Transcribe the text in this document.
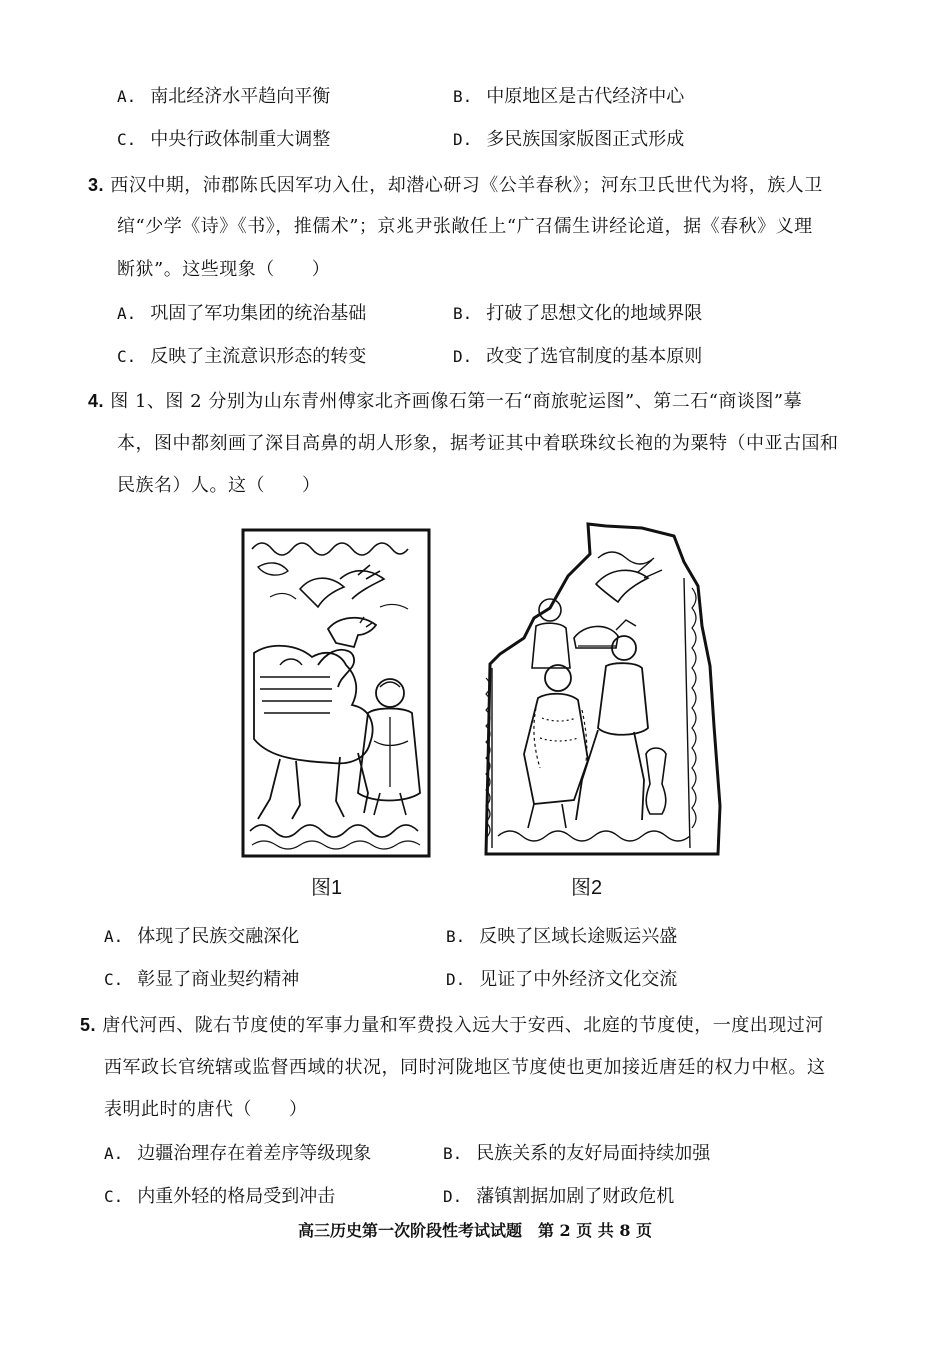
A. 南北经济水平趋向平衡	B. 中原地区是古代经济中心
C. 中央行政体制重大调整	D. 多民族国家版图正式形成
3. 西汉中期，沛郡陈氏因军功入仕，却潜心研习《公羊春秋》；河东卫氏世代为将，族人卫
绾“少学《诗》《书》，推儒术”；京兆尹张敞任上“广召儒生讲经论道，据《春秋》义理
断狱”。这些现象（　　）
A. 巩固了军功集团的统治基础	B. 打破了思想文化的地域界限
C. 反映了主流意识形态的转变	D. 改变了选官制度的基本原则
4. 图 1、图 2 分别为山东青州傅家北齐画像石第一石“商旅驼运图”、第二石“商谈图”摹
本，图中都刻画了深目高鼻的胡人形象，据考证其中着联珠纹长袍的为粟特（中亚古国和
民族名）人。这（　　）
图1	图2
A. 体现了民族交融深化	B. 反映了区域长途贩运兴盛
C. 彰显了商业契约精神	D. 见证了中外经济文化交流
5. 唐代河西、陇右节度使的军事力量和军费投入远大于安西、北庭的节度使，一度出现过河
西军政长官统辖或监督西域的状况，同时河陇地区节度使也更加接近唐廷的权力中枢。这
表明此时的唐代（　　）
A. 边疆治理存在着差序等级现象	B. 民族关系的友好局面持续加强
C. 内重外轻的格局受到冲击	D. 藩镇割据加剧了财政危机
高三历史第一次阶段性考试试题　第 2 页 共 8 页
